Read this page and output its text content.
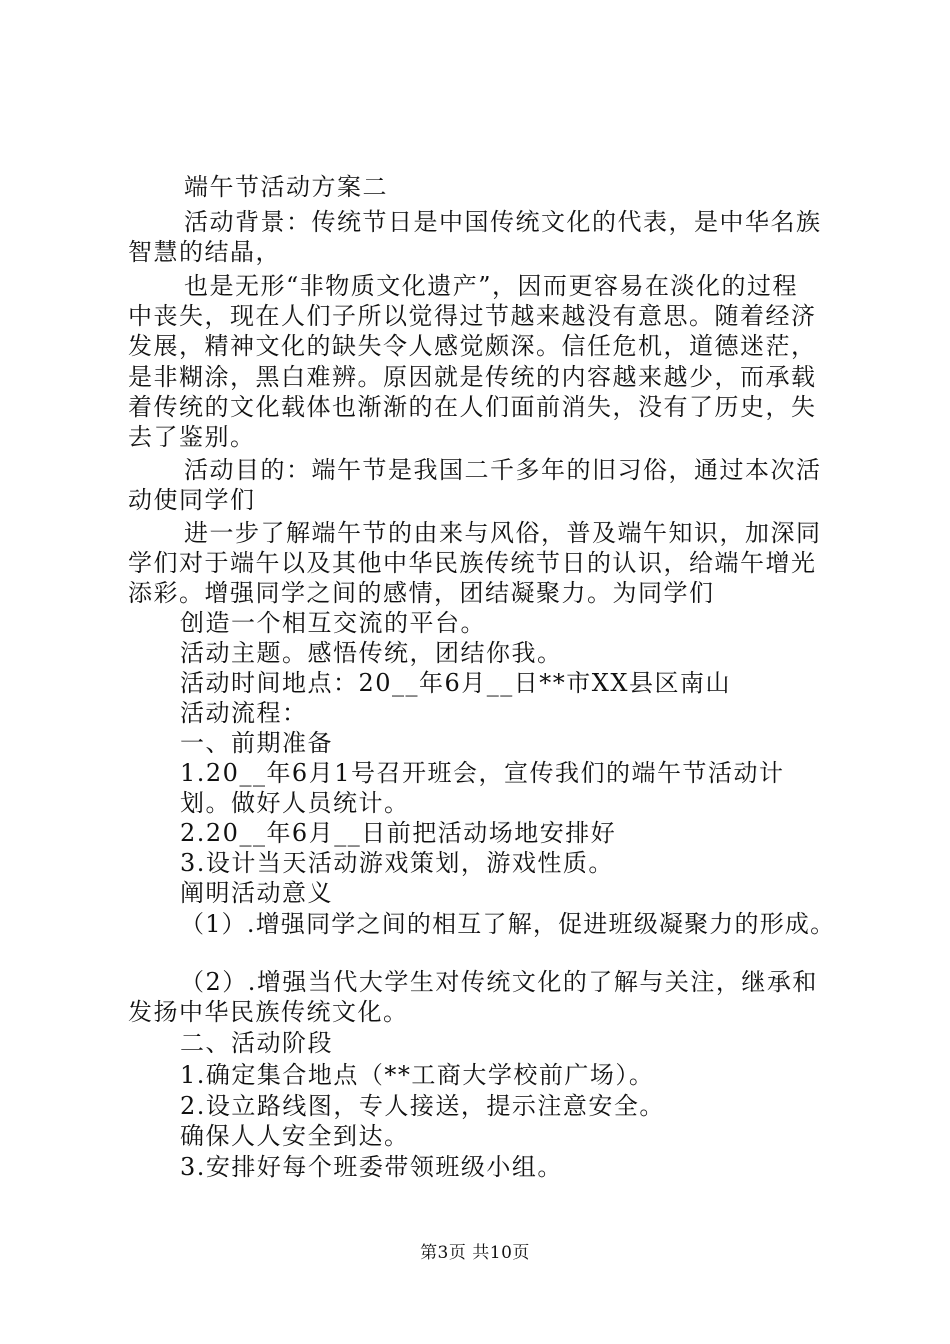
端午节活动方案二
活动背景：传统节日是中国传统文化的代表，是中华名族
智慧的结晶，
也是无形“非物质文化遗产”，因而更容易在淡化的过程
中丧失，现在人们子所以觉得过节越来越没有意思。随着经济
发展，精神文化的缺失令人感觉颇深。信任危机，道德迷茫，
是非糊涂，黑白难辨。原因就是传统的内容越来越少，而承载
着传统的文化载体也渐渐的在人们面前消失，没有了历史，失
去了鉴别。
活动目的：端午节是我国二千多年的旧习俗，通过本次活
动使同学们
进一步了解端午节的由来与风俗，普及端午知识，加深同
学们对于端午以及其他中华民族传统节日的认识，给端午增光
添彩。增强同学之间的感情，团结凝聚力。为同学们
创造一个相互交流的平台。
活动主题。感悟传统，团结你我。
活动时间地点：20__年6月__日**市XX县区南山
活动流程：
一、前期准备
1.20__年6月1号召开班会，宣传我们的端午节活动计
划。做好人员统计。
2.20__年6月__日前把活动场地安排好
3.设计当天活动游戏策划，游戏性质。
阐明活动意义
（1）.增强同学之间的相互了解，促进班级凝聚力的形成。
（2）.增强当代大学生对传统文化的了解与关注，继承和
发扬中华民族传统文化。
二、活动阶段
1.确定集合地点（**工商大学校前广场）。
2.设立路线图，专人接送，提示注意安全。
确保人人安全到达。
3.安排好每个班委带领班级小组。
第3页 共10页
